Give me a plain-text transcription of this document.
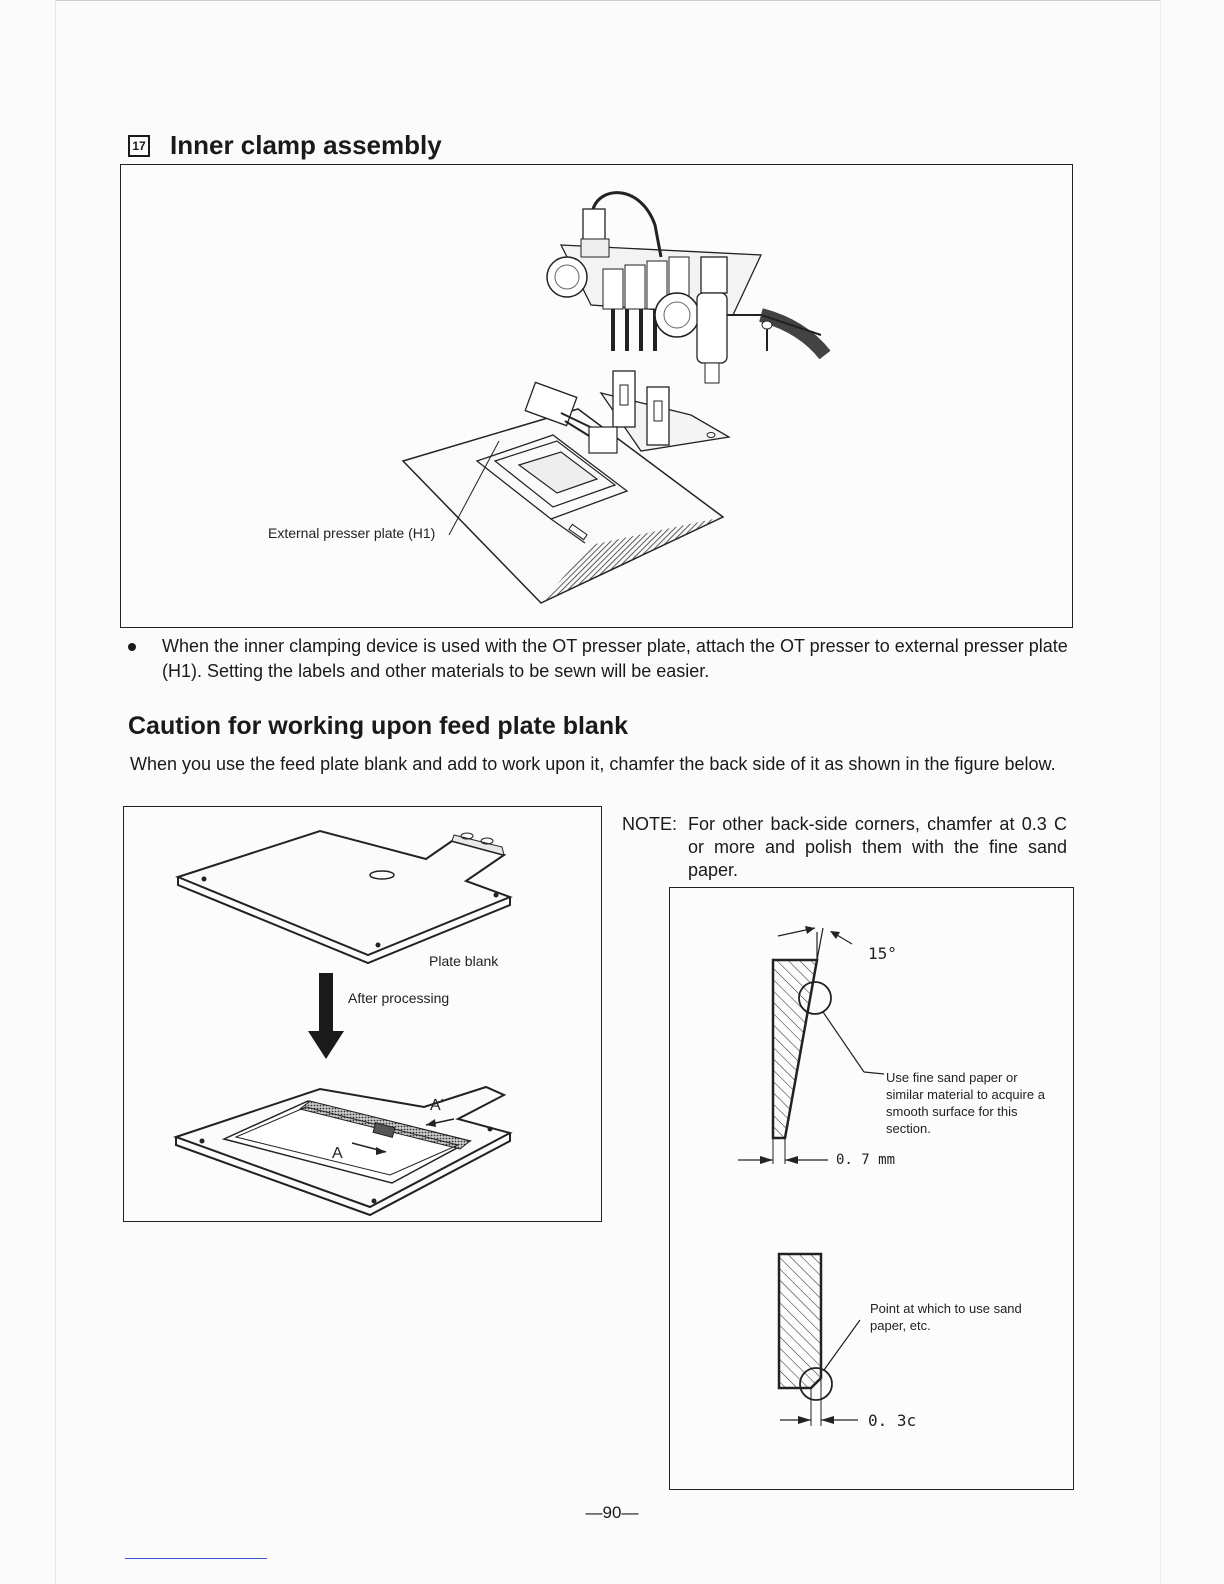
17 Inner clamp assembly
External presser plate (H1)
When the inner clamping device is used with the OT presser plate, attach the OT presser to external presser plate (H1). Setting the labels and other materials to be sewn will be easier.
Caution for working upon feed plate blank
When you use the feed plate blank and add to work upon it, chamfer the back side of it as shown in the figure below.
Plate blank
After processing
A
A'
NOTE: For other back-side corners, chamfer at 0.3 C or more and polish them with the fine sand paper.
15°
Use fine sand paper or similar material to acquire a smooth surface for this section.
0. 7 mm
Point at which to use sand paper, etc.
0. 3c
—90—
